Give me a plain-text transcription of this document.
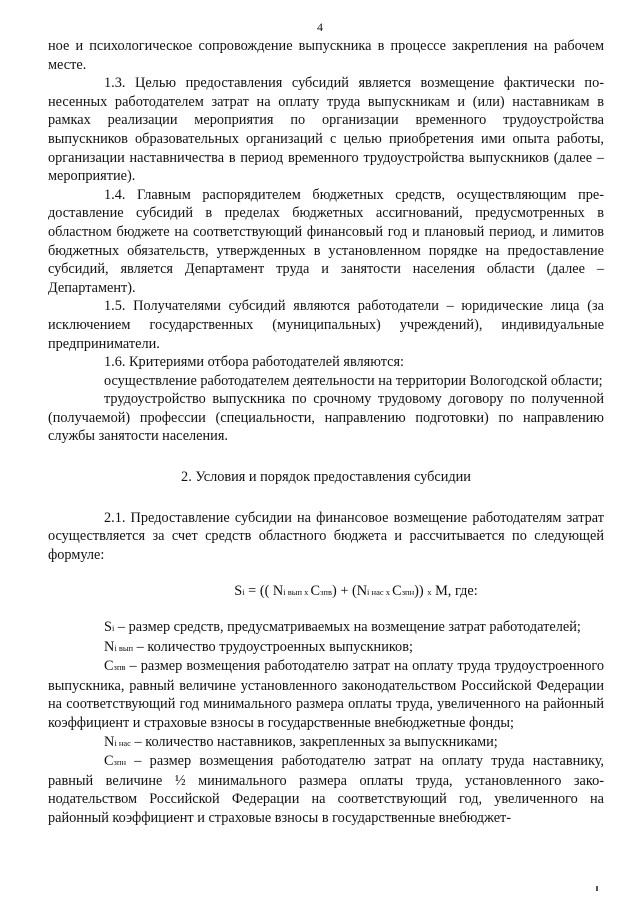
4

ное и психологическое сопровождение выпускника в процессе закрепления на рабочем месте.

1.3. Целью предоставления субсидий является возмещение фактически понесенных работодателем затрат на оплату труда выпускникам и (или) наставникам в рамках реализации мероприятия по организации временного трудоустройства выпускников образовательных организаций с целью приобретения ими опыта работы, организации наставничества в период временного трудоустройства выпускников (далее – мероприятие).

1.4. Главным распорядителем бюджетных средств, осуществляющим предоставление субсидий в пределах бюджетных ассигнований, предусмотренных в областном бюджете на соответствующий финансовый год и плановый период, и лимитов бюджетных обязательств, утвержденных в установленном порядке на предоставление субсидий, является Департамент труда и занятости населения области (далее – Департамент).

1.5. Получателями субсидий являются работодатели – юридические лица (за исключением государственных (муниципальных) учреждений), индивидуальные предприниматели.

1.6. Критериями отбора работодателей являются:

осуществление работодателем деятельности на территории Вологодской области;

трудоустройство выпускника по срочному трудовому договору по полученной (получаемой) профессии (специальности, направлению подготовки) по направлению службы занятости населения.

2. Условия и порядок предоставления субсидии

2.1. Предоставление субсидии на финансовое возмещение работодателям затрат осуществляется за счет средств областного бюджета и рассчитывается по следующей формуле:

Si = (( Ni вып х Cзпв) + (Ni нас х Cзпн)) х M, где:

Si – размер средств, предусматриваемых на возмещение затрат работодателей;

Ni вып – количество трудоустроенных выпускников;

Cзпв – размер возмещения работодателю затрат на оплату труда трудоустроенного выпускника, равный величине установленного законодательством Российской Федерации на соответствующий год минимального размера оплаты труда, увеличенного на районный коэффициент и страховые взносы в государственные внебюджетные фонды;

Ni нас – количество наставников, закрепленных за выпускниками;

Cзпн – размер возмещения работодателю затрат на оплату труда наставнику, равный величине ½ минимального размера оплаты труда, установленного законодательством Российской Федерации на соответствующий год, увеличенного на районный коэффициент и страховые взносы в государственные внебюджет-
